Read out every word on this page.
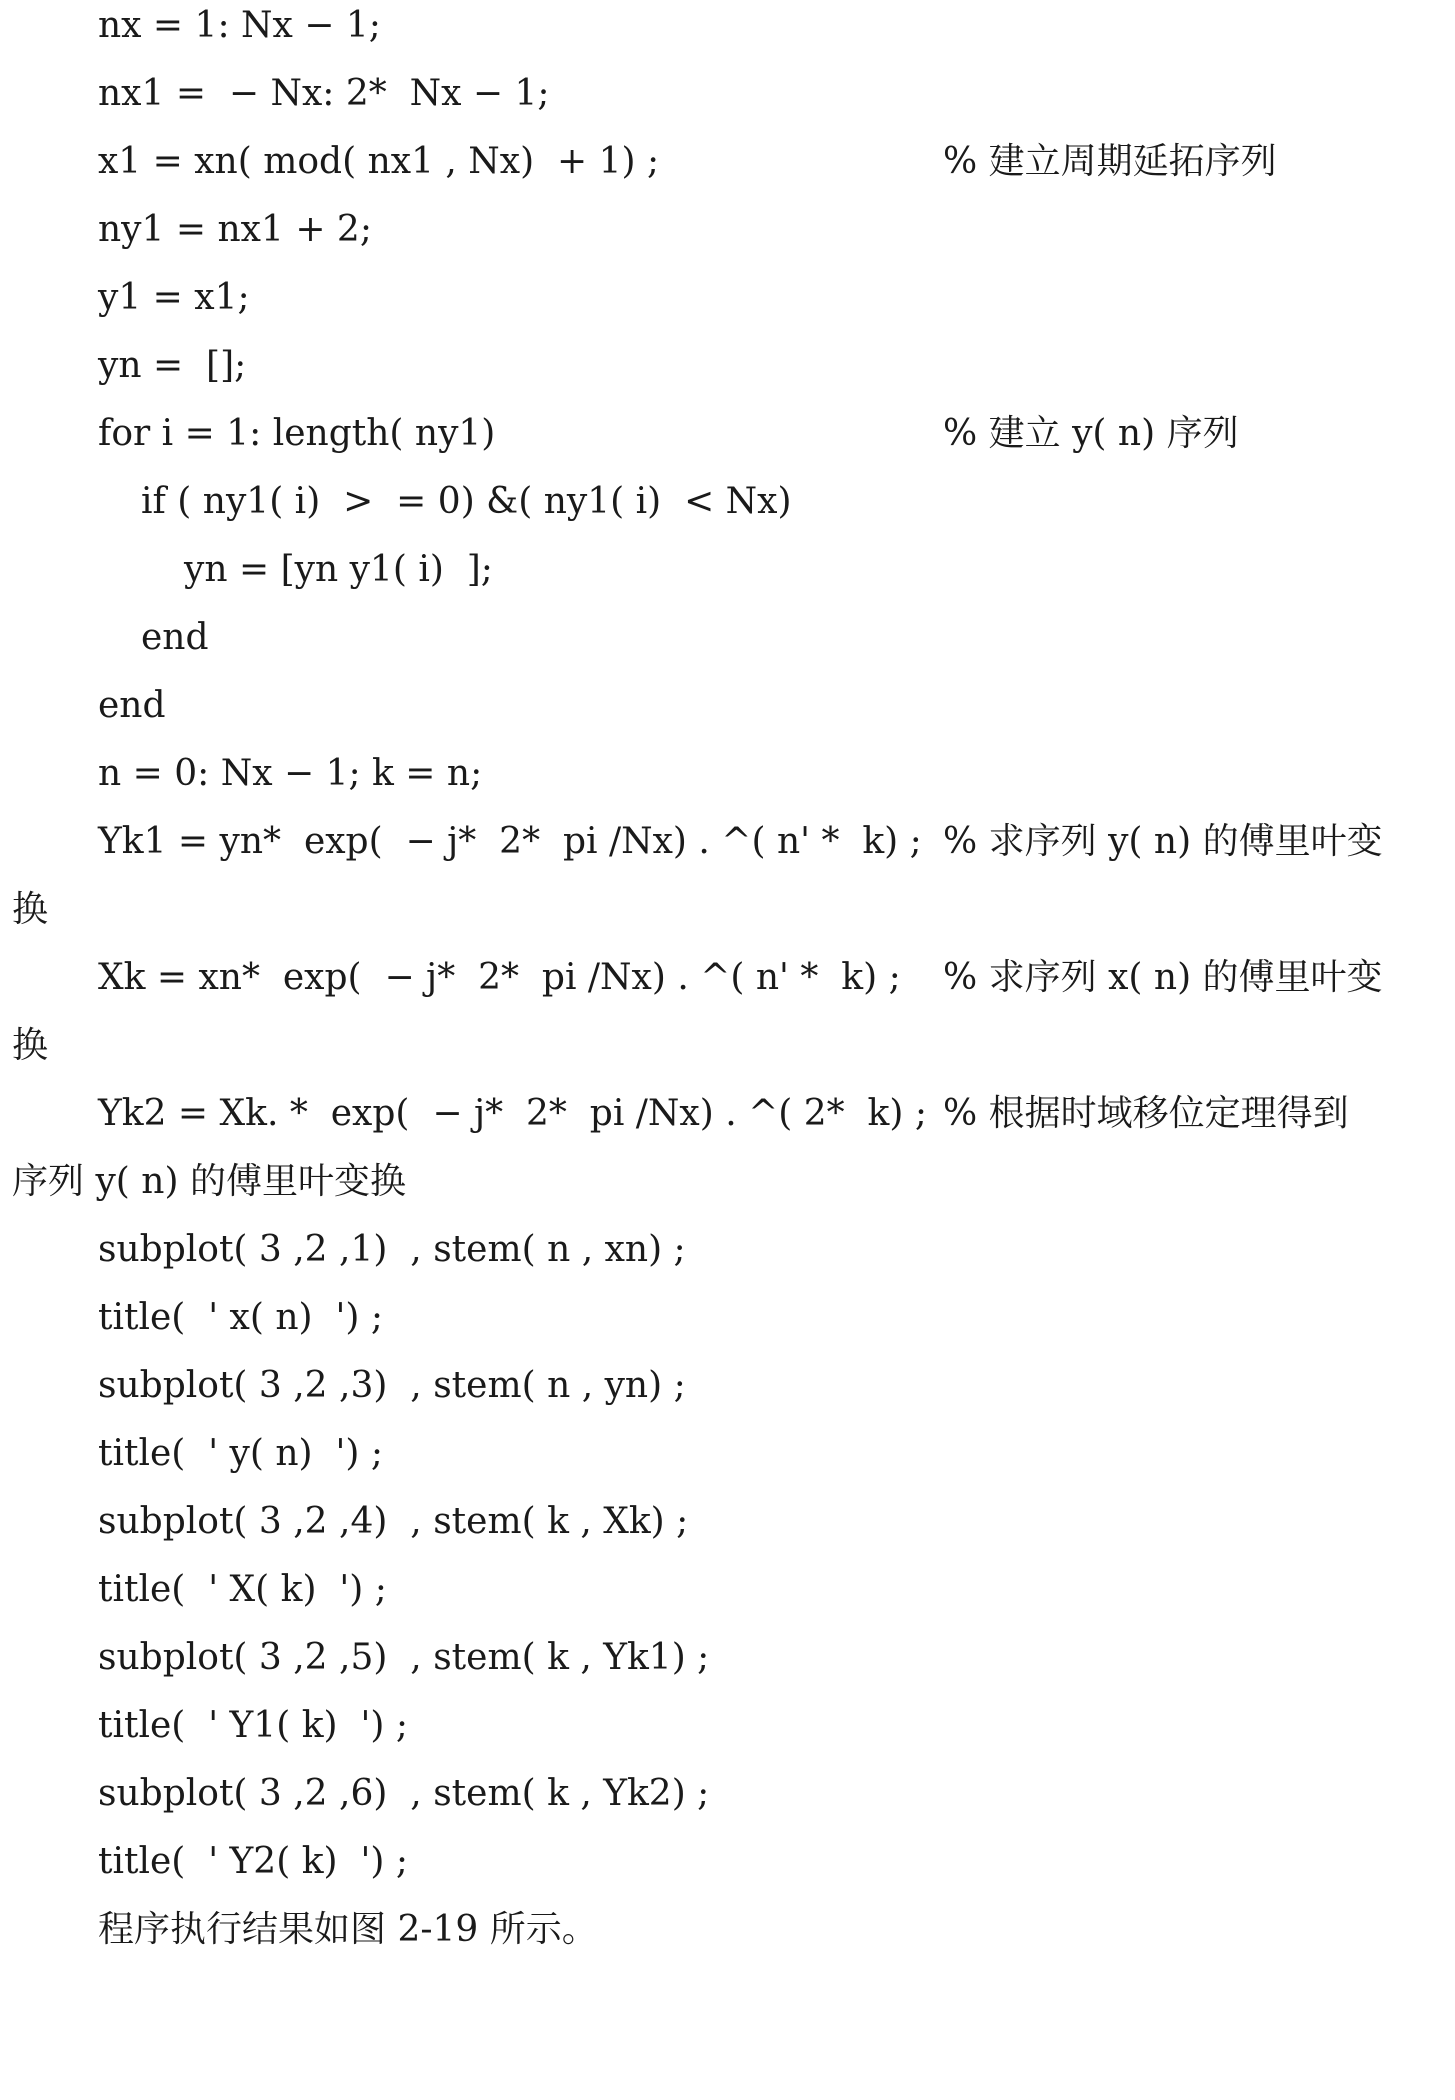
nx = 1: Nx − 1;

nx1 =  − Nx: 2*  Nx − 1;

x1 = xn( mod( nx1 , Nx)  + 1) ;

	% 建立周期延拓序列

ny1 = nx1 + 2;

y1 = x1;

yn =  [];

for i = 1: length( ny1)

	% 建立 y( n) 序列

if ( ny1( i)  >  = 0) &( ny1( i)  < Nx)

yn = [yn y1( i)  ];

end

end

n = 0: Nx − 1; k = n;

Yk1 = yn*  exp(  − j*  2*  pi /Nx) . ^( n' *  k) ;

% 求序列 y( n) 的傅里叶变

换

Xk = xn*  exp(  − j*  2*  pi /Nx) . ^( n' *  k) ;

% 求序列 x( n) 的傅里叶变

换

Yk2 = Xk. *  exp(  − j*  2*  pi /Nx) . ^( 2*  k) ;

% 根据时域移位定理得到

序列 y( n) 的傅里叶变换

subplot( 3 ,2 ,1)  , stem( n , xn) ;

title(  ' x( n)  ') ;

subplot( 3 ,2 ,3)  , stem( n , yn) ;

title(  ' y( n)  ') ;

subplot( 3 ,2 ,4)  , stem( k , Xk) ;

title(  ' X( k)  ') ;

subplot( 3 ,2 ,5)  , stem( k , Yk1) ;

title(  ' Y1( k)  ') ;

subplot( 3 ,2 ,6)  , stem( k , Yk2) ;

title(  ' Y2( k)  ') ;

程序执行结果如图 2-19 所示。
